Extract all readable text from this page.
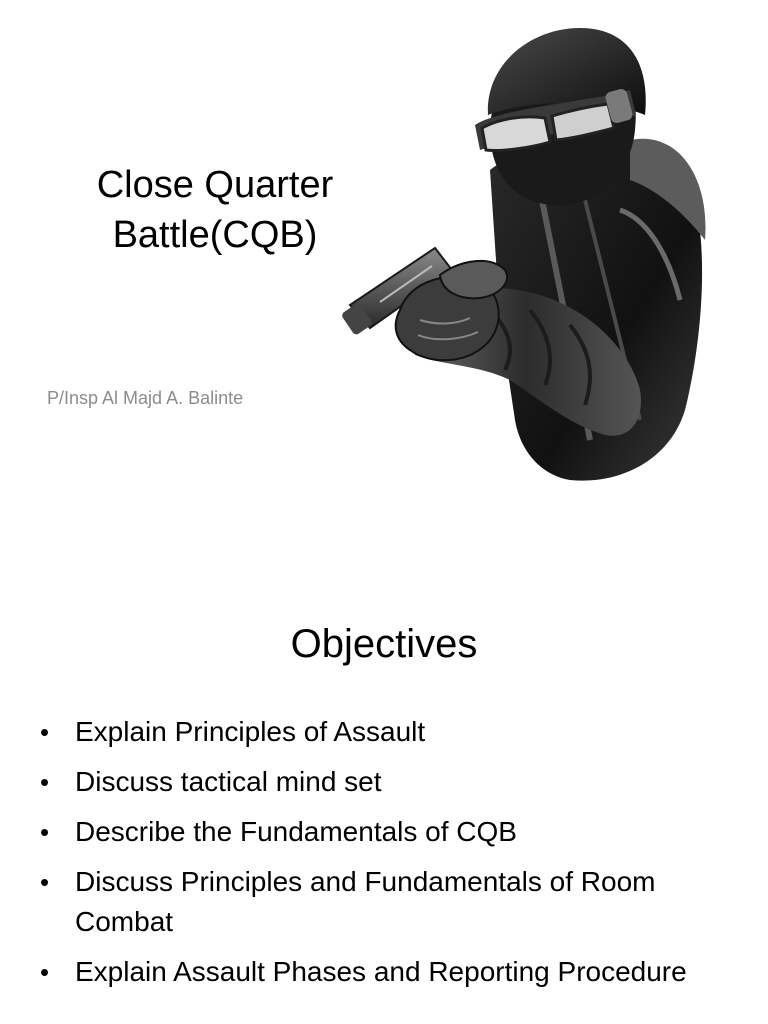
Close Quarter
Battle(CQB)

P/Insp Al Majd A. Balinte

Objectives
• Explain Principles of Assault
• Discuss tactical mind set
• Describe the Fundamentals of CQB
• Discuss Principles and Fundamentals of Room Combat
• Explain Assault Phases and Reporting Procedure
